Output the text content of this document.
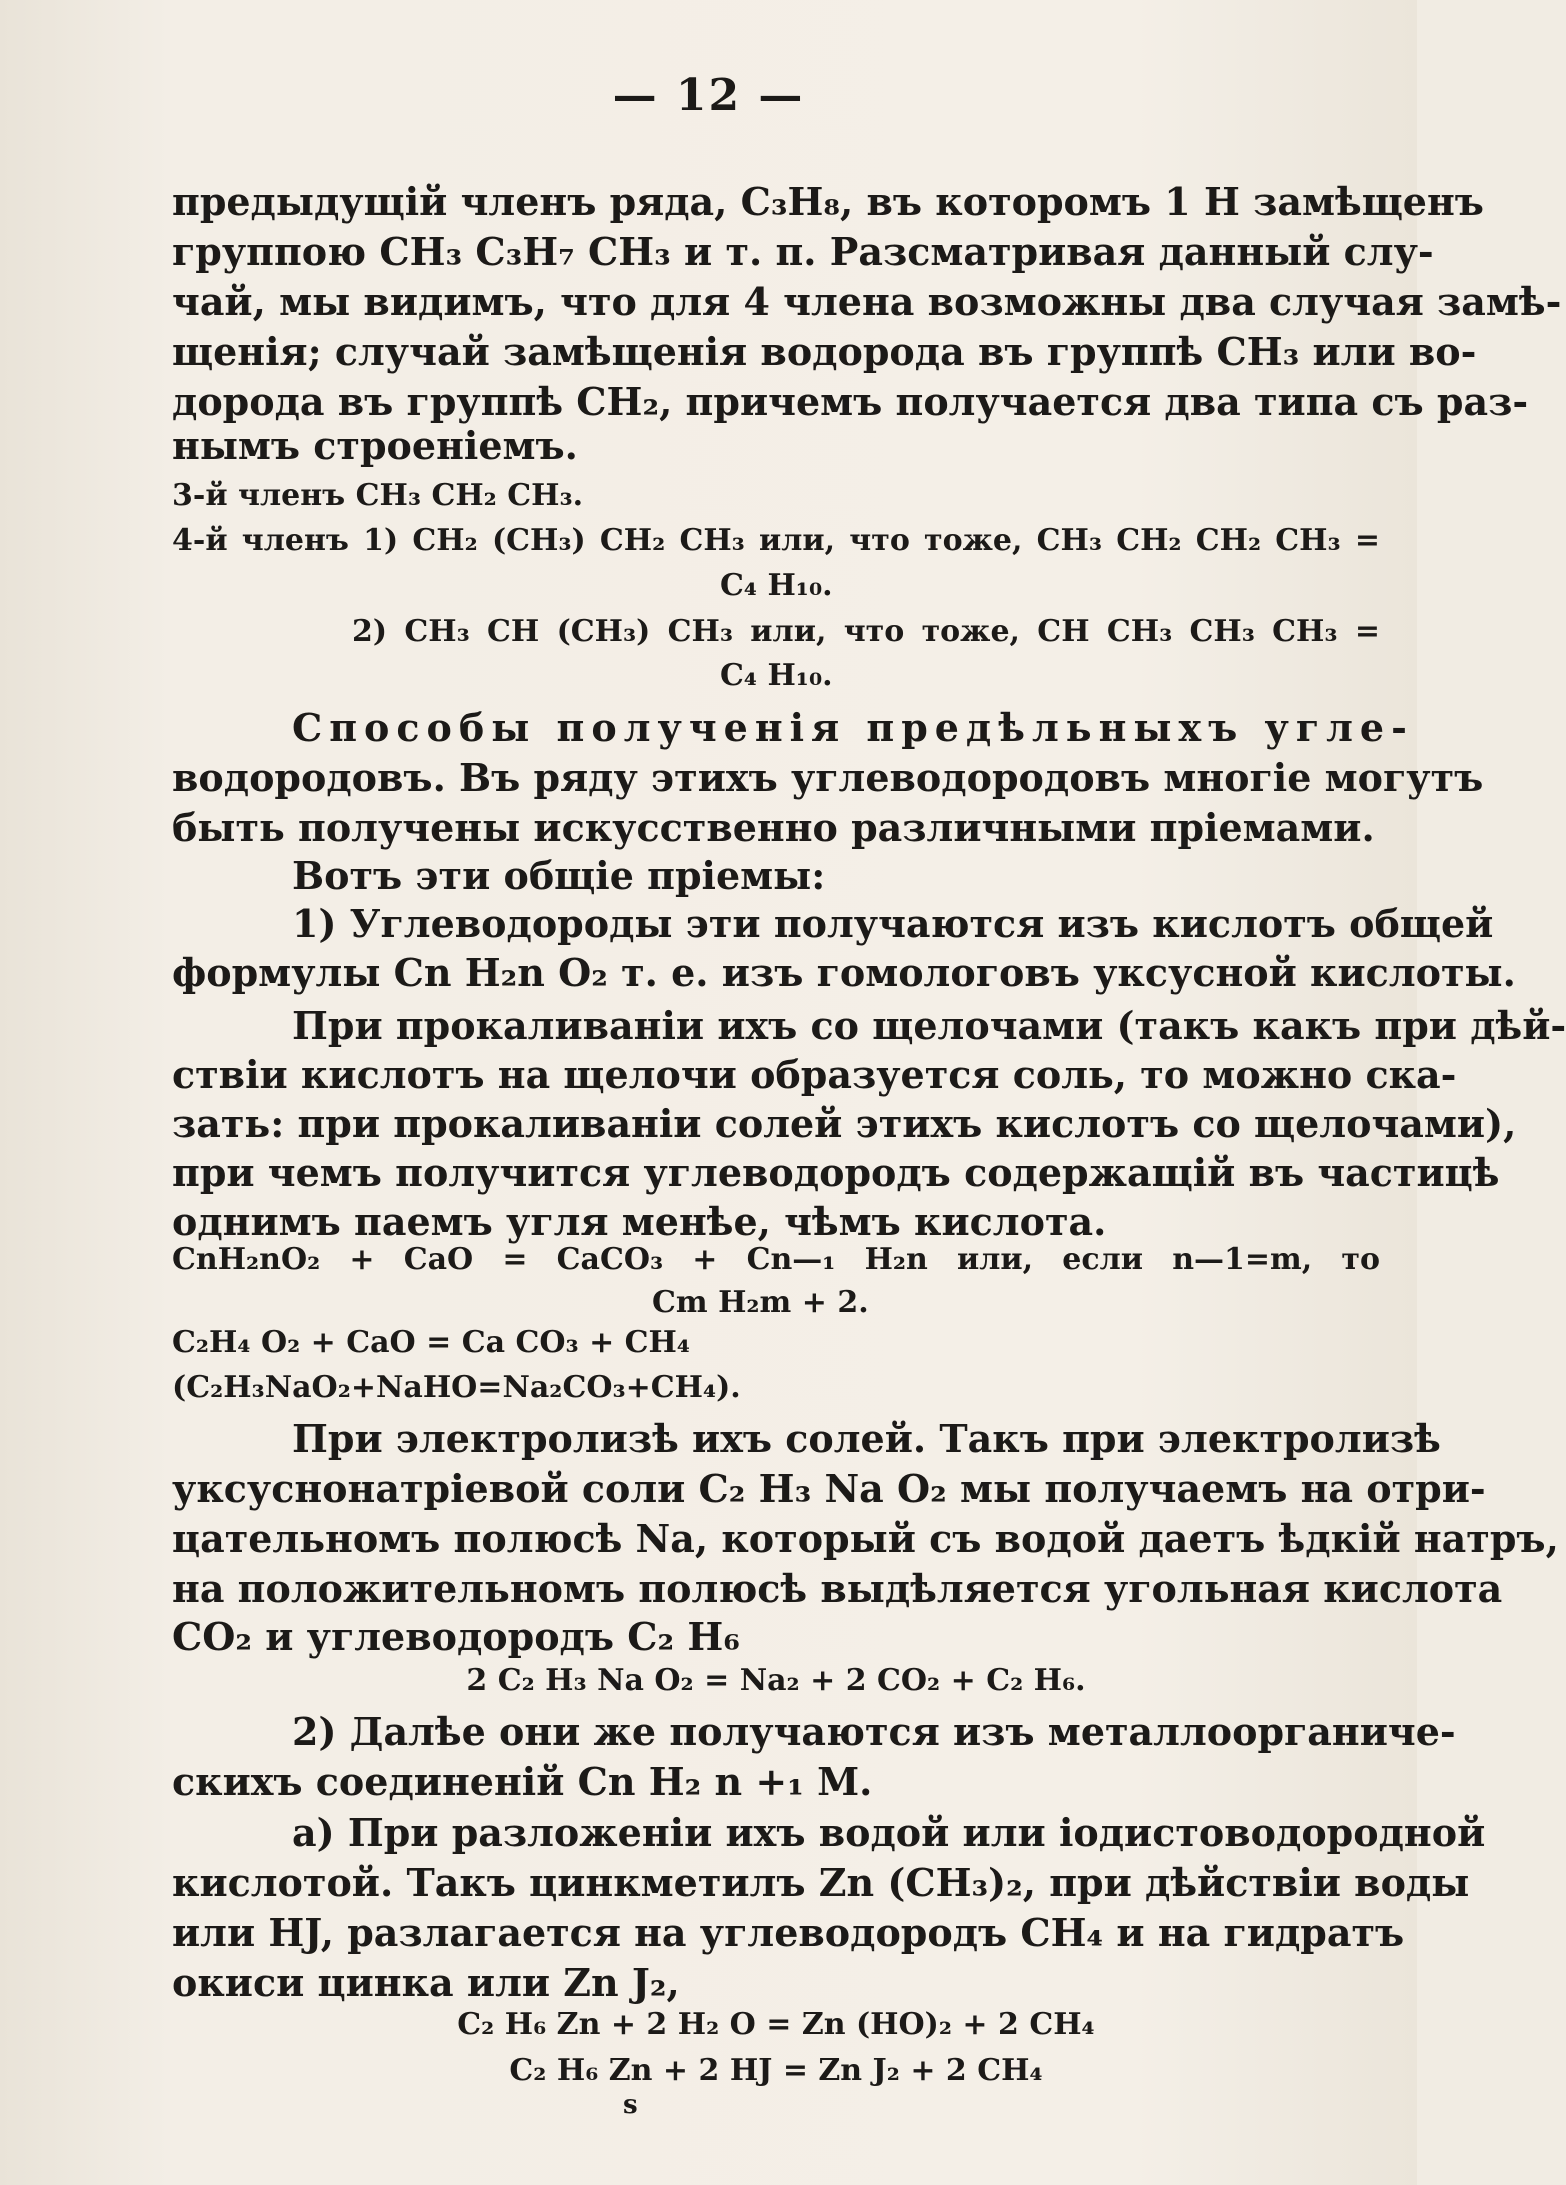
— 12 —
предыдущій членъ ряда, C₃H₈, въ которомъ 1 H замѣщенъ
группою CH₃ C₃H₇ CH₃ и т. п. Разсматривая данный слу-
чай, мы видимъ, что для 4 члена возможны два случая замѣ-
щенія; случай замѣщенія водорода въ группѣ CH₃ или во-
дорода въ группѣ CH₂, причемъ получается два типа съ раз-
нымъ строеніемъ.
3-й членъ CH₃ CH₂ CH₃.
4-й членъ 1) CH₂ (CH₃) CH₂ CH₃ или, что тоже, CH₃ CH₂ CH₂ CH₃ =
C₄ H₁₀.
2) CH₃ CH (CH₃) CH₃ или, что тоже, CH CH₃ CH₃ CH₃ =
C₄ H₁₀.
Способы полученія предѣльныхъ угле-
водородовъ. Въ ряду этихъ углеводородовъ многіе могутъ
быть получены искусственно различными пріемами.
Вотъ эти общіе пріемы:
1) Углеводороды эти получаются изъ кислотъ общей
формулы Cn H₂n O₂ т. е. изъ гомологовъ уксусной кислоты.
При прокаливаніи ихъ со щелочами (такъ какъ при дѣй-
ствіи кислотъ на щелочи образуется соль, то можно ска-
зать: при прокаливаніи солей этихъ кислотъ со щелочами),
при чемъ получится углеводородъ содержащій въ частицѣ
однимъ паемъ угля менѣе, чѣмъ кислота.
CnH₂nO₂ + CaO = CaCO₃ + Cn—₁ H₂n или, если n—1=m, то
Cm H₂m + 2.
C₂H₄ O₂ + CaO = Ca CO₃ + CH₄
(C₂H₃NaO₂+NaHO=Na₂CO₃+CH₄).
При электролизѣ ихъ солей. Такъ при электролизѣ
уксуснонатріевой соли C₂ H₃ Na O₂ мы получаемъ на отри-
цательномъ полюсѣ Na, который съ водой даетъ ѣдкій натръ,
на положительномъ полюсѣ выдѣляется угольная кислота
CO₂ и углеводородъ C₂ H₆
2 C₂ H₃ Na O₂ = Na₂ + 2 CO₂ + C₂ H₆.
2) Далѣе они же получаются изъ металлоорганиче-
скихъ соединеній Cn H₂ n +₁ M.
a) При разложеніи ихъ водой или іодистоводородной
кислотой. Такъ цинкметилъ Zn (CH₃)₂, при дѣйствіи воды
или HJ, разлагается на углеводородъ CH₄ и на гидратъ
окиси цинка или Zn J₂,
C₂ H₆ Zn + 2 H₂ O = Zn (HO)₂ + 2 CH₄
C₂ H₆ Zn + 2 HJ = Zn J₂ + 2 CH₄
s
